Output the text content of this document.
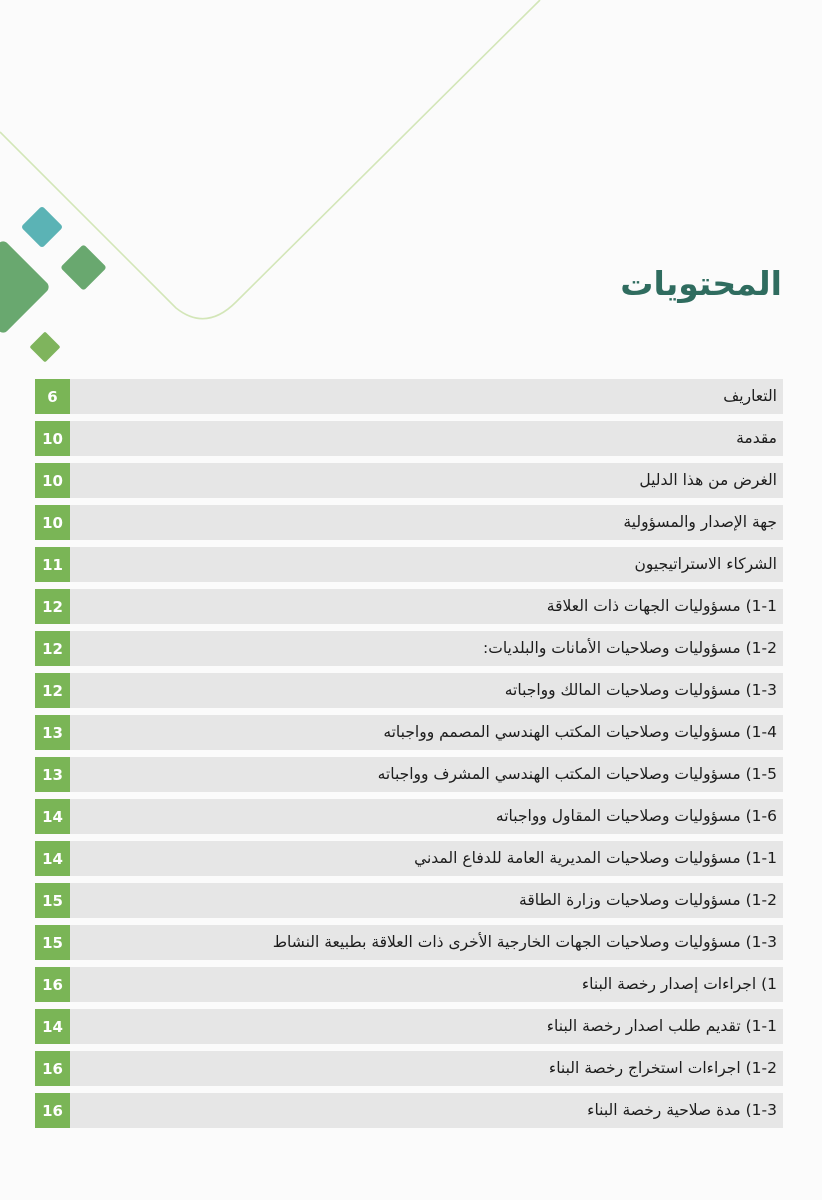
المحتويات
6	التعاريف
10	مقدمة
10	الغرض من هذا الدليل
10	جهة الإصدار والمسؤولية
11	الشركاء الاستراتيجيون
12	1-1) مسؤوليات الجهات ذات العلاقة
12	1-2) مسؤوليات وصلاحيات الأمانات والبلديات:
12	1-3) مسؤوليات وصلاحيات المالك وواجباته
13	1-4) مسؤوليات وصلاحيات المكتب الهندسي المصمم وواجباته
13	1-5) مسؤوليات وصلاحيات المكتب الهندسي المشرف وواجباته
14	1-6) مسؤوليات وصلاحيات المقاول وواجباته
14	1-1) مسؤوليات وصلاحيات المديرية العامة للدفاع المدني
15	1-2) مسؤوليات وصلاحيات وزارة الطاقة
15	1-3) مسؤوليات وصلاحيات الجهات الخارجية الأخرى ذات العلاقة بطبيعة النشاط
16	1) اجراءات إصدار رخصة البناء
14	1-1) تقديم طلب اصدار رخصة البناء
16	1-2) اجراءات استخراج رخصة البناء
16	1-3) مدة صلاحية رخصة البناء
